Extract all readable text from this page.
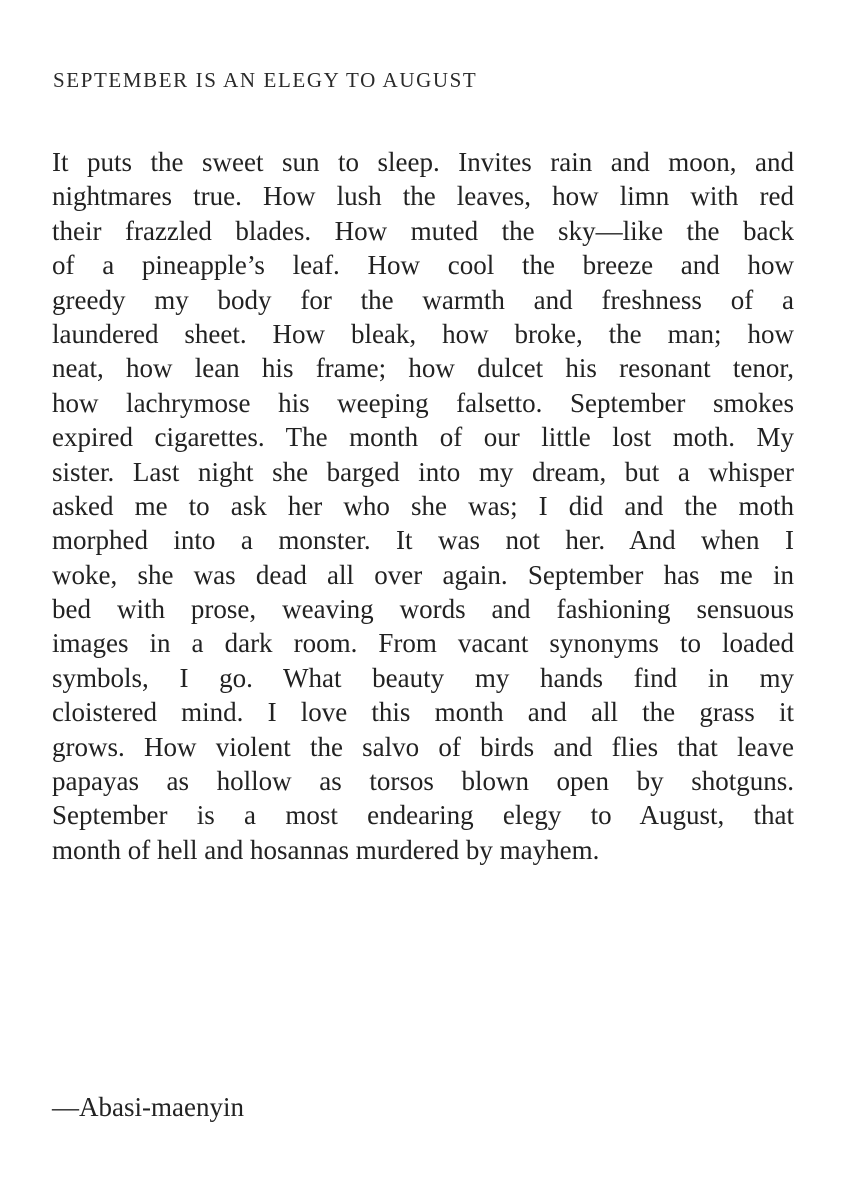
SEPTEMBER IS AN ELEGY TO AUGUST
It puts the sweet sun to sleep. Invites rain and moon, and
nightmares true. How lush the leaves, how limn with red
their frazzled blades. How muted the sky—like the back
of a pineapple’s leaf. How cool the breeze and how
greedy my body for the warmth and freshness of a
laundered sheet. How bleak, how broke, the man; how
neat, how lean his frame; how dulcet his resonant tenor,
how lachrymose his weeping falsetto. September smokes
expired cigarettes. The month of our little lost moth. My
sister. Last night she barged into my dream, but a whisper
asked me to ask her who she was; I did and the moth
morphed into a monster. It was not her. And when I
woke, she was dead all over again. September has me in
bed with prose, weaving words and fashioning sensuous
images in a dark room. From vacant synonyms to loaded
symbols, I go. What beauty my hands find in my
cloistered mind. I love this month and all the grass it
grows. How violent the salvo of birds and flies that leave
papayas as hollow as torsos blown open by shotguns.
September is a most endearing elegy to August, that
month of hell and hosannas murdered by mayhem.
—Abasi-maenyin
